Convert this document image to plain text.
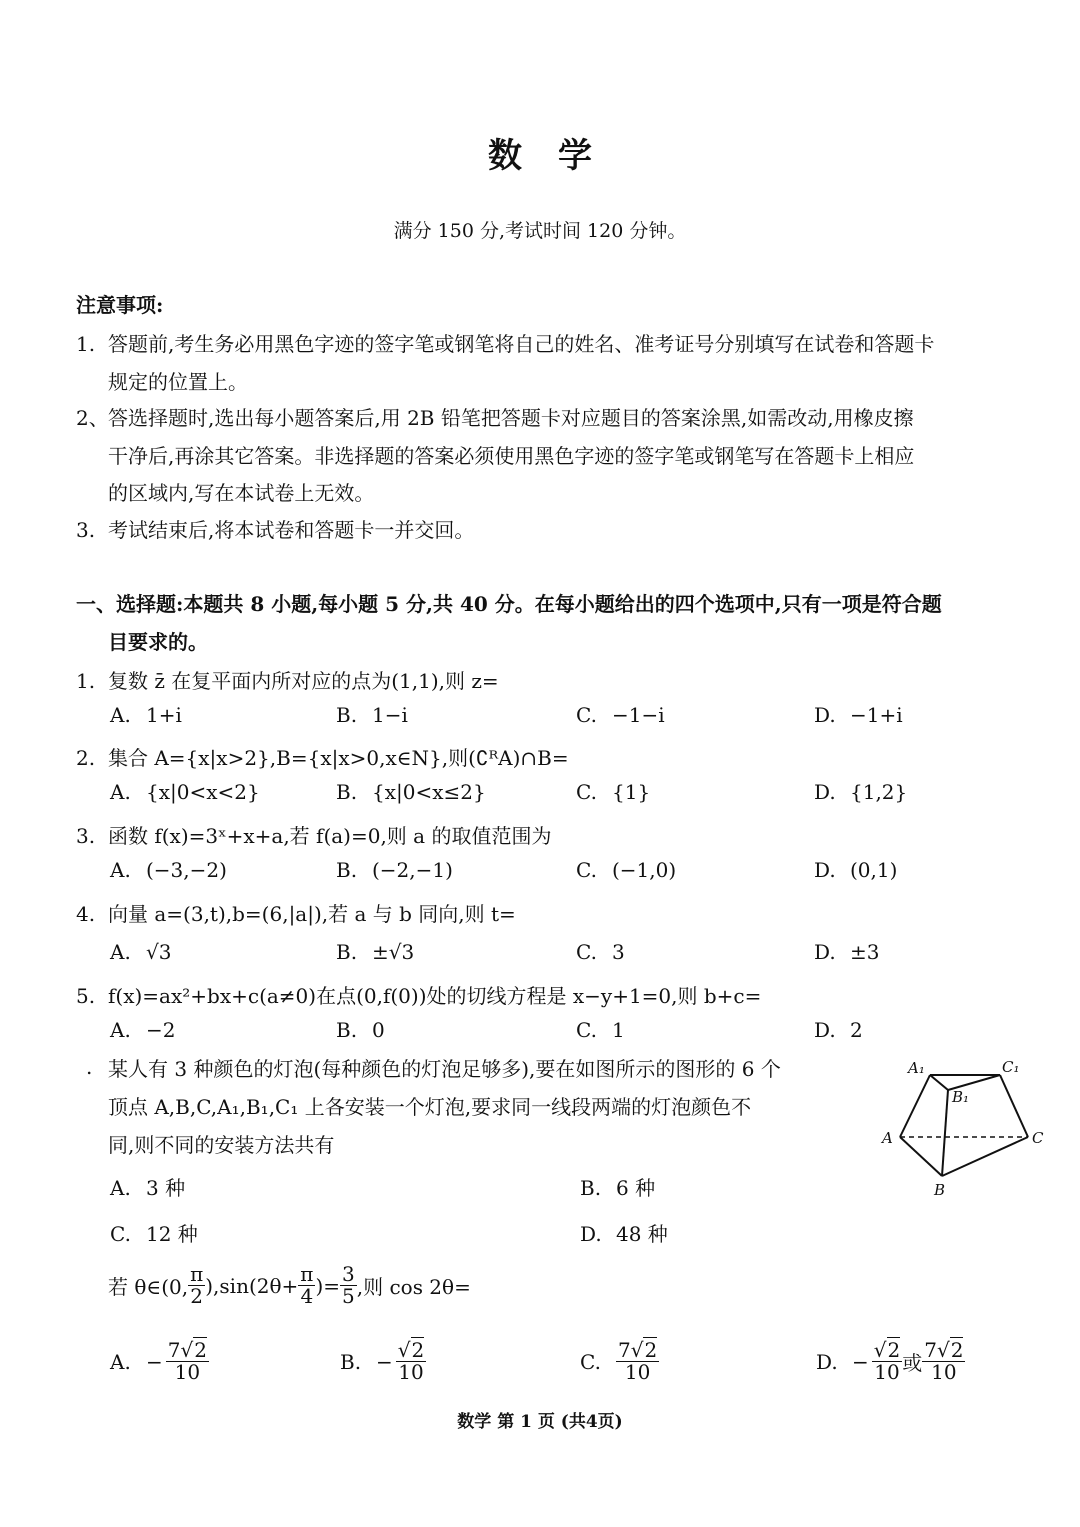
数学
满分 150 分,考试时间 120 分钟。
注意事项:
1. 答题前,考生务必用黑色字迹的签字笔或钢笔将自己的姓名、准考证号分别填写在试卷和答题卡
规定的位置上。
2、答选择题时,选出每小题答案后,用 2B 铅笔把答题卡对应题目的答案涂黑,如需改动,用橡皮擦
干净后,再涂其它答案。非选择题的答案必须使用黑色字迹的签字笔或钢笔写在答题卡上相应
的区域内,写在本试卷上无效。
3. 考试结束后,将本试卷和答题卡一并交回。
一、选择题:本题共 8 小题,每小题 5 分,共 40 分。在每小题给出的四个选项中,只有一项是符合题
目要求的。
1. 复数 z̄ 在复平面内所对应的点为(1,1),则 z=
A. 1+i	B. 1−i	C. −1−i	D. −1+i
2. 集合 A={x|x>2},B={x|x>0,x∈N},则(∁ᴿA)∩B=
A. {x|0<x<2}	B. {x|0<x≤2}	C. {1}	D. {1,2}
3. 函数 f(x)=3ˣ+x+a,若 f(a)=0,则 a 的取值范围为
A. (−3,−2)	B. (−2,−1)	C. (−1,0)	D. (0,1)
4. 向量 a=(3,t),b=(6,|a|),若 a 与 b 同向,则 t=
A. √3	B. ±√3	C. 3	D. ±3
5. f(x)=ax²+bx+c(a≠0)在点(0,f(0))处的切线方程是 x−y+1=0,则 b+c=
A. −2	B. 0	C. 1	D. 2
. 某人有 3 种颜色的灯泡(每种颜色的灯泡足够多),要在如图所示的图形的 6 个
顶点 A,B,C,A₁,B₁,C₁ 上各安装一个灯泡,要求同一线段两端的灯泡颜色不
同,则不同的安装方法共有
A. 3 种	B. 6 种
C. 12 种	D. 48 种
A₁	C₁
B₁
A	C
B
若 θ∈(0, $\frac{\pi}{2} ),\sin(2\theta+ \frac{\pi}{4}$ )= $\frac{3}{5}$ ,则 cos 2θ=
A. − $\frac{7√2}{10}$	B. − $\frac{√2}{10}$	C. $\frac{7√2}{10}$	D. − $\frac{√2}{10}$ 或 $\frac{7√2}{10}$
数学 第 1 页 (共4页)
